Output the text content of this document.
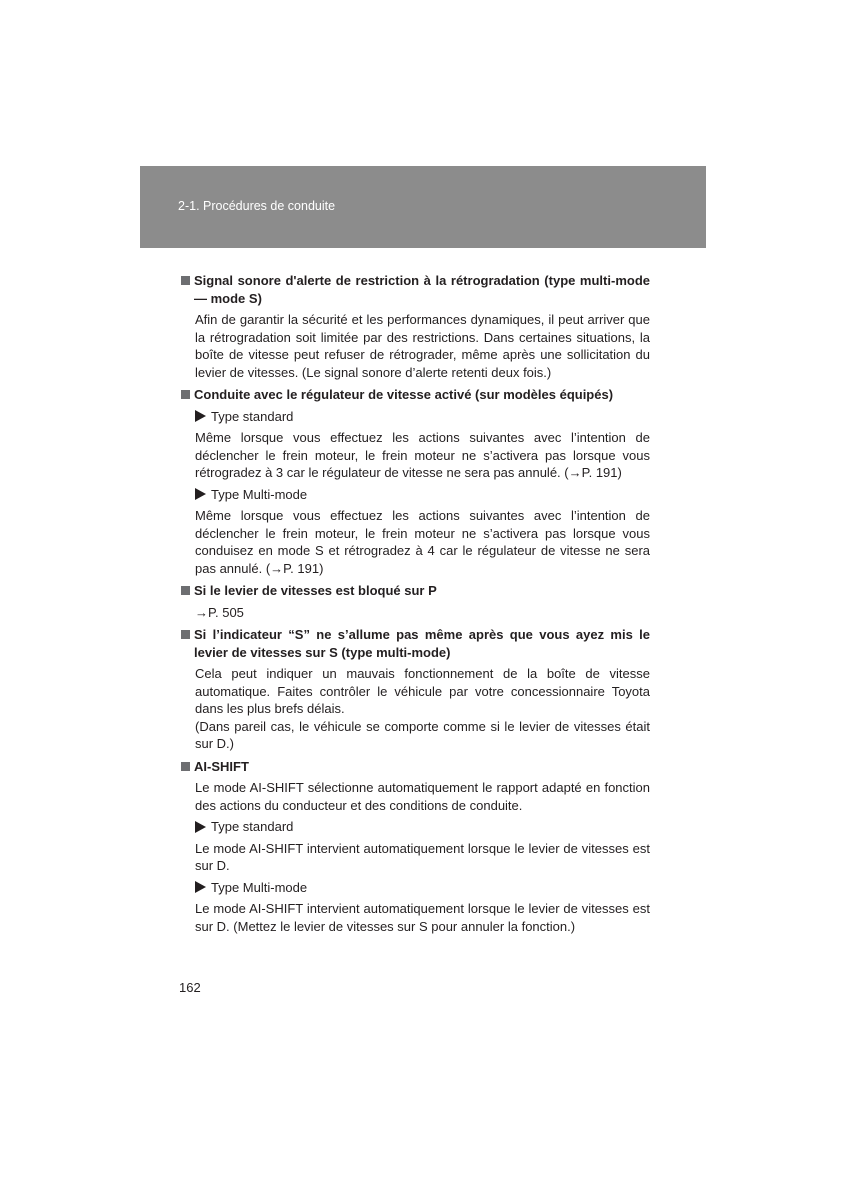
2-1. Procédures de conduite
Signal sonore d'alerte de restriction à la rétrogradation (type multi-mode — mode S)
Afin de garantir la sécurité et les performances dynamiques, il peut arriver que la rétrogradation soit limitée par des restrictions. Dans certaines situations, la boîte de vitesse peut refuser de rétrograder, même après une sollicitation du levier de vitesses. (Le signal sonore d’alerte retenti deux fois.)
Conduite avec le régulateur de vitesse activé (sur modèles équipés)
Type standard
Même lorsque vous effectuez les actions suivantes avec l’intention de déclencher le frein moteur, le frein moteur ne s’activera pas lorsque vous rétrogradez à 3 car le régulateur de vitesse ne sera pas annulé. (→P. 191)
Type Multi-mode
Même lorsque vous effectuez les actions suivantes avec l’intention de déclencher le frein moteur, le frein moteur ne s’activera pas lorsque vous conduisez en mode S et rétrogradez à 4 car le régulateur de vitesse ne sera pas annulé. (→P. 191)
Si le levier de vitesses est bloqué sur P
→P. 505
Si l’indicateur “S” ne s’allume pas même après que vous ayez mis le levier de vitesses sur S (type multi-mode)
Cela peut indiquer un mauvais fonctionnement de la boîte de vitesse automatique. Faites contrôler le véhicule par votre concessionnaire Toyota dans les plus brefs délais.
(Dans pareil cas, le véhicule se comporte comme si le levier de vitesses était sur D.)
AI-SHIFT
Le mode AI-SHIFT sélectionne automatiquement le rapport adapté en fonction des actions du conducteur et des conditions de conduite.
Type standard
Le mode AI-SHIFT intervient automatiquement lorsque le levier de vitesses est sur D.
Type Multi-mode
Le mode AI-SHIFT intervient automatiquement lorsque le levier de vitesses est sur D. (Mettez le levier de vitesses sur S pour annuler la fonction.)
162
